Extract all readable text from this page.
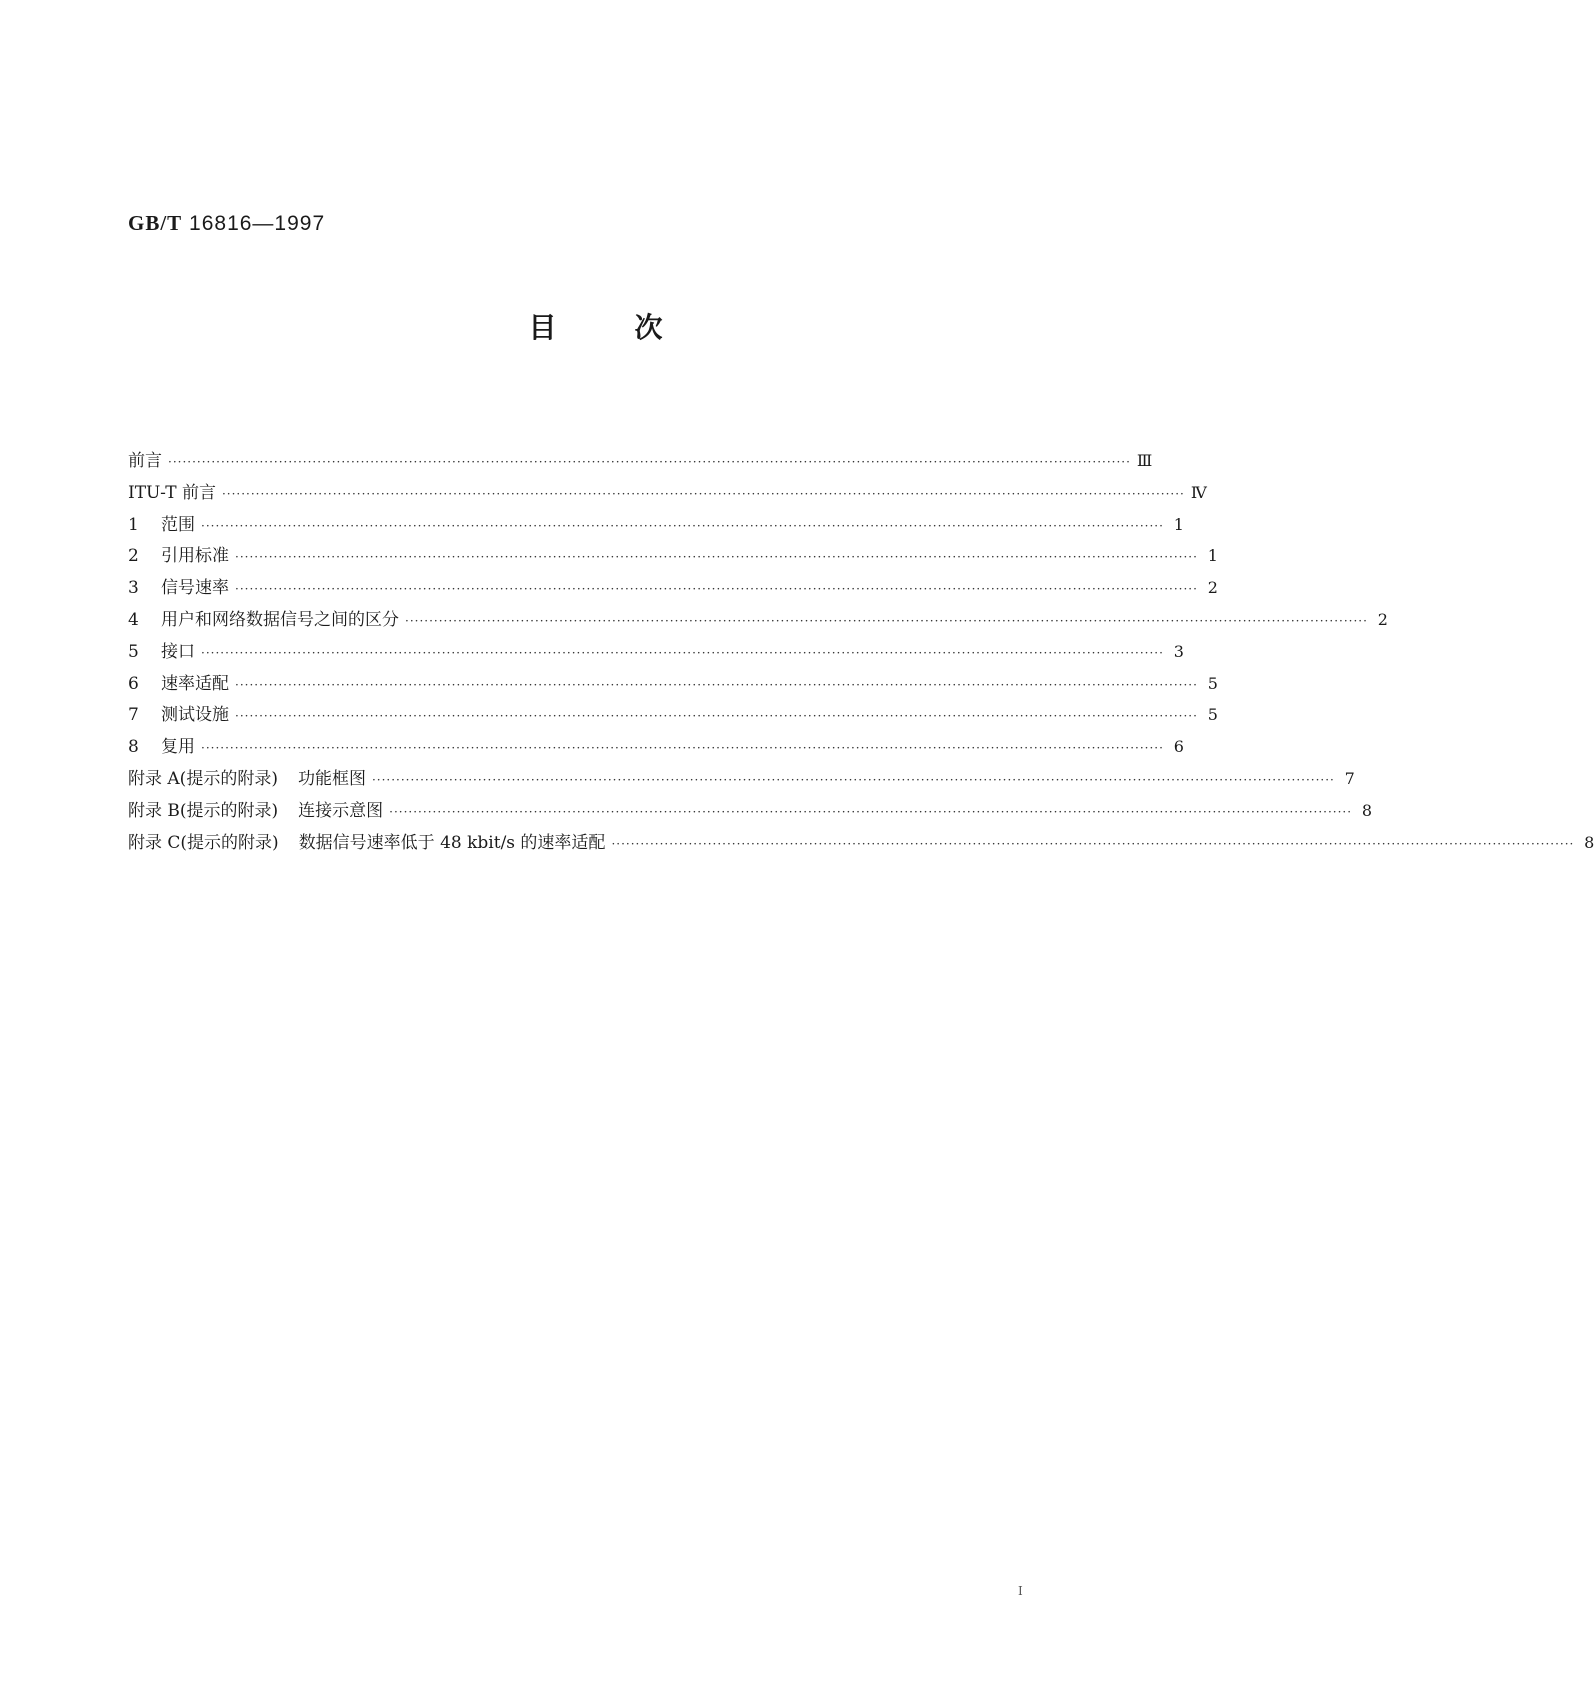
GB/T 16816—1997
目	次
前言 ········································································································································································································ Ⅲ
ITU-T 前言 ········································································································································································································ Ⅳ
1 范围 ········································································································································································································ 1
2 引用标准 ········································································································································································································ 1
3 信号速率 ········································································································································································································ 2
4 用户和网络数据信号之间的区分 ········································································································································································································ 2
5 接口 ········································································································································································································ 3
6 速率适配 ········································································································································································································ 5
7 测试设施 ········································································································································································································ 5
8 复用 ········································································································································································································ 6
附录 A(提示的附录) 功能框图 ········································································································································································································ 7
附录 B(提示的附录) 连接示意图 ········································································································································································································ 8
附录 C(提示的附录) 数据信号速率低于 48 kbit/s 的速率适配 ········································································································································································································ 8
I
